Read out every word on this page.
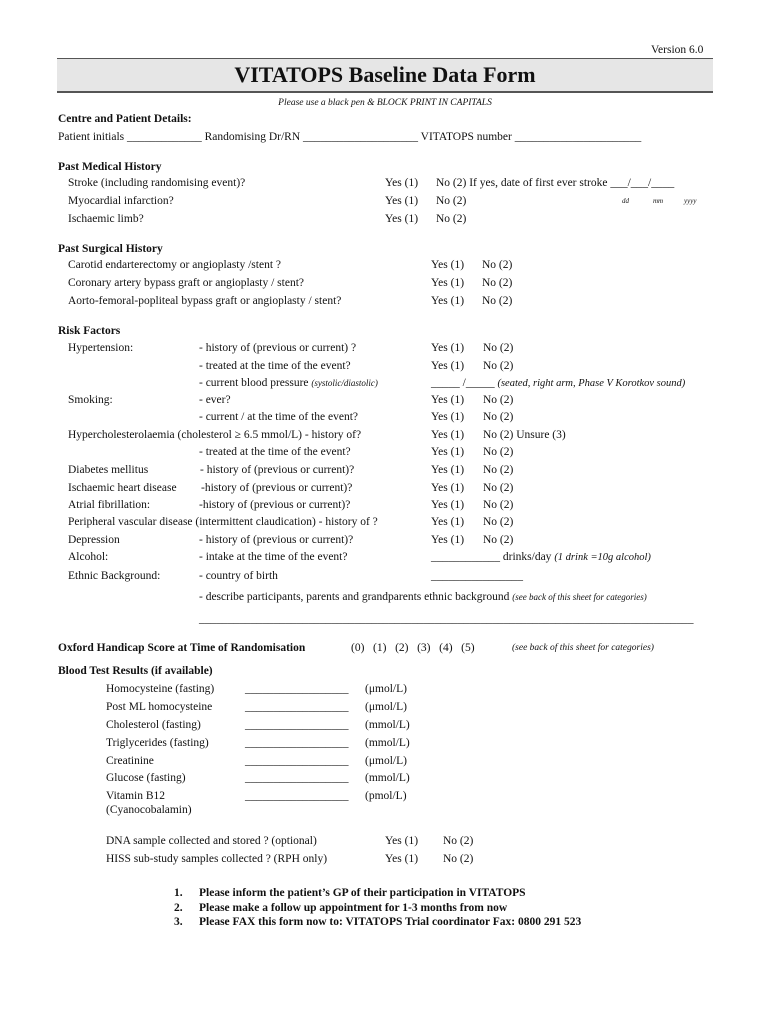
Version 6.0
VITATOPS Baseline Data Form
Please use a black pen & BLOCK PRINT IN CAPITALS
Centre and Patient Details:
Patient initials _____________ Randomising Dr/RN ____________________ VITATOPS number ______________________
Past Medical History
Stroke (including randomising event)?	Yes (1) No (2) If yes, date of first ever stroke ___/___/____
dd	mm	yyyy
Myocardial infarction?	Yes (1) No (2)
Ischaemic limb?	Yes (1) No (2)
Past Surgical History
Carotid endarterectomy or angioplasty /stent ?	Yes (1) No (2)
Coronary artery bypass graft or angioplasty / stent?	Yes (1) No (2)
Aorto-femoral-popliteal bypass graft or angioplasty / stent?	Yes (1) No (2)
Risk Factors
Hypertension:	- history of (previous or current) ?	Yes (1) No (2)
- treated at the time of the event?	Yes (1) No (2)
- current blood pressure (systolic/diastolic)	_____ /_____ (seated, right arm, Phase V Korotkov sound)
Smoking:	- ever?	Yes (1) No (2)
- current / at the time of the event?	Yes (1) No (2)
Hypercholesterolaemia (cholesterol ≥ 6.5 mmol/L) - history of?	Yes (1) No (2) Unsure (3)
- treated at the time of the event?	Yes (1) No (2)
Diabetes mellitus	- history of (previous or current)?	Yes (1) No (2)
Ischaemic heart disease -history of (previous or current)?	Yes (1) No (2)
Atrial fibrillation:	-history of (previous or current)?	Yes (1) No (2)
Peripheral vascular disease (intermittent claudication) - history of ?	Yes (1) No (2)
Depression	- history of (previous or current)?	Yes (1) No (2)
Alcohol:	- intake at the time of the event?	____________ drinks/day (1 drink =10g alcohol)
Ethnic Background:	- country of birth	________________
- describe participants, parents and grandparents ethnic background (see back of this sheet for categories)
______________________________________________________________________________________
Oxford Handicap Score at Time of Randomisation	(0)   (1)   (2)   (3)   (4)   (5)	(see back of this sheet for categories)
Blood Test Results (if available)
Homocysteine (fasting)	__________________ (μmol/L)
Post ML homocysteine	__________________ (μmol/L)
Cholesterol (fasting)	__________________ (mmol/L)
Triglycerides (fasting)	__________________ (mmol/L)
Creatinine	__________________ (μmol/L)
Glucose (fasting)	__________________ (mmol/L)
Vitamin B12	__________________ (pmol/L)
(Cyanocobalamin)
DNA sample collected and stored ? (optional)	Yes (1) No (2)
HISS sub-study samples collected ? (RPH only)	Yes (1) No (2)
1. Please inform the patient’s GP of their participation in VITATOPS
2. Please make a follow up appointment for 1-3 months from now
3. Please FAX this form now to: VITATOPS Trial coordinator Fax: 0800 291 523
